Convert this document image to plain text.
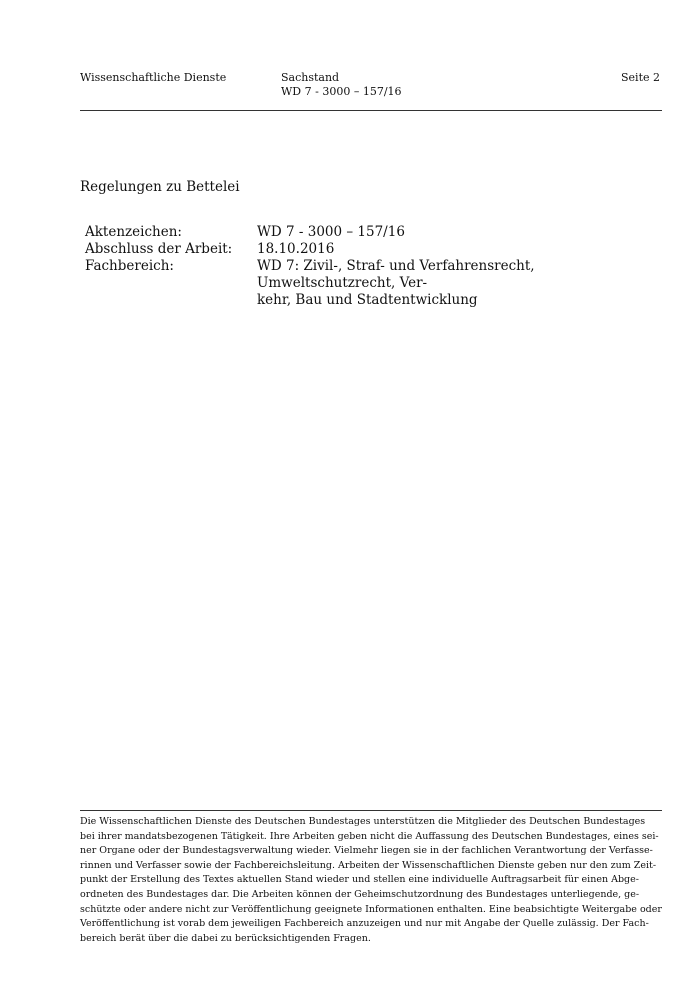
Wissenschaftliche Dienste	Sachstand
WD 7 - 3000 – 157/16
Seite 2
Regelungen zu Bettelei
Aktenzeichen:	WD 7 - 3000 – 157/16
Abschluss der Arbeit:	18.10.2016
Fachbereich:	WD 7: Zivil-, Straf- und Verfahrensrecht, Umweltschutzrecht, Ver-
kehr, Bau und Stadtentwicklung
Die Wissenschaftlichen Dienste des Deutschen Bundestages unterstützen die Mitglieder des Deutschen Bundestages
bei ihrer mandatsbezogenen Tätigkeit. Ihre Arbeiten geben nicht die Auffassung des Deutschen Bundestages, eines sei-
ner Organe oder der Bundestagsverwaltung wieder. Vielmehr liegen sie in der fachlichen Verantwortung der Verfasse-
rinnen und Verfasser sowie der Fachbereichsleitung. Arbeiten der Wissenschaftlichen Dienste geben nur den zum Zeit-
punkt der Erstellung des Textes aktuellen Stand wieder und stellen eine individuelle Auftragsarbeit für einen Abge-
ordneten des Bundestages dar. Die Arbeiten können der Geheimschutzordnung des Bundestages unterliegende, ge-
schützte oder andere nicht zur Veröffentlichung geeignete Informationen enthalten. Eine beabsichtigte Weitergabe oder
Veröffentlichung ist vorab dem jeweiligen Fachbereich anzuzeigen und nur mit Angabe der Quelle zulässig. Der Fach-
bereich berät über die dabei zu berücksichtigenden Fragen.
